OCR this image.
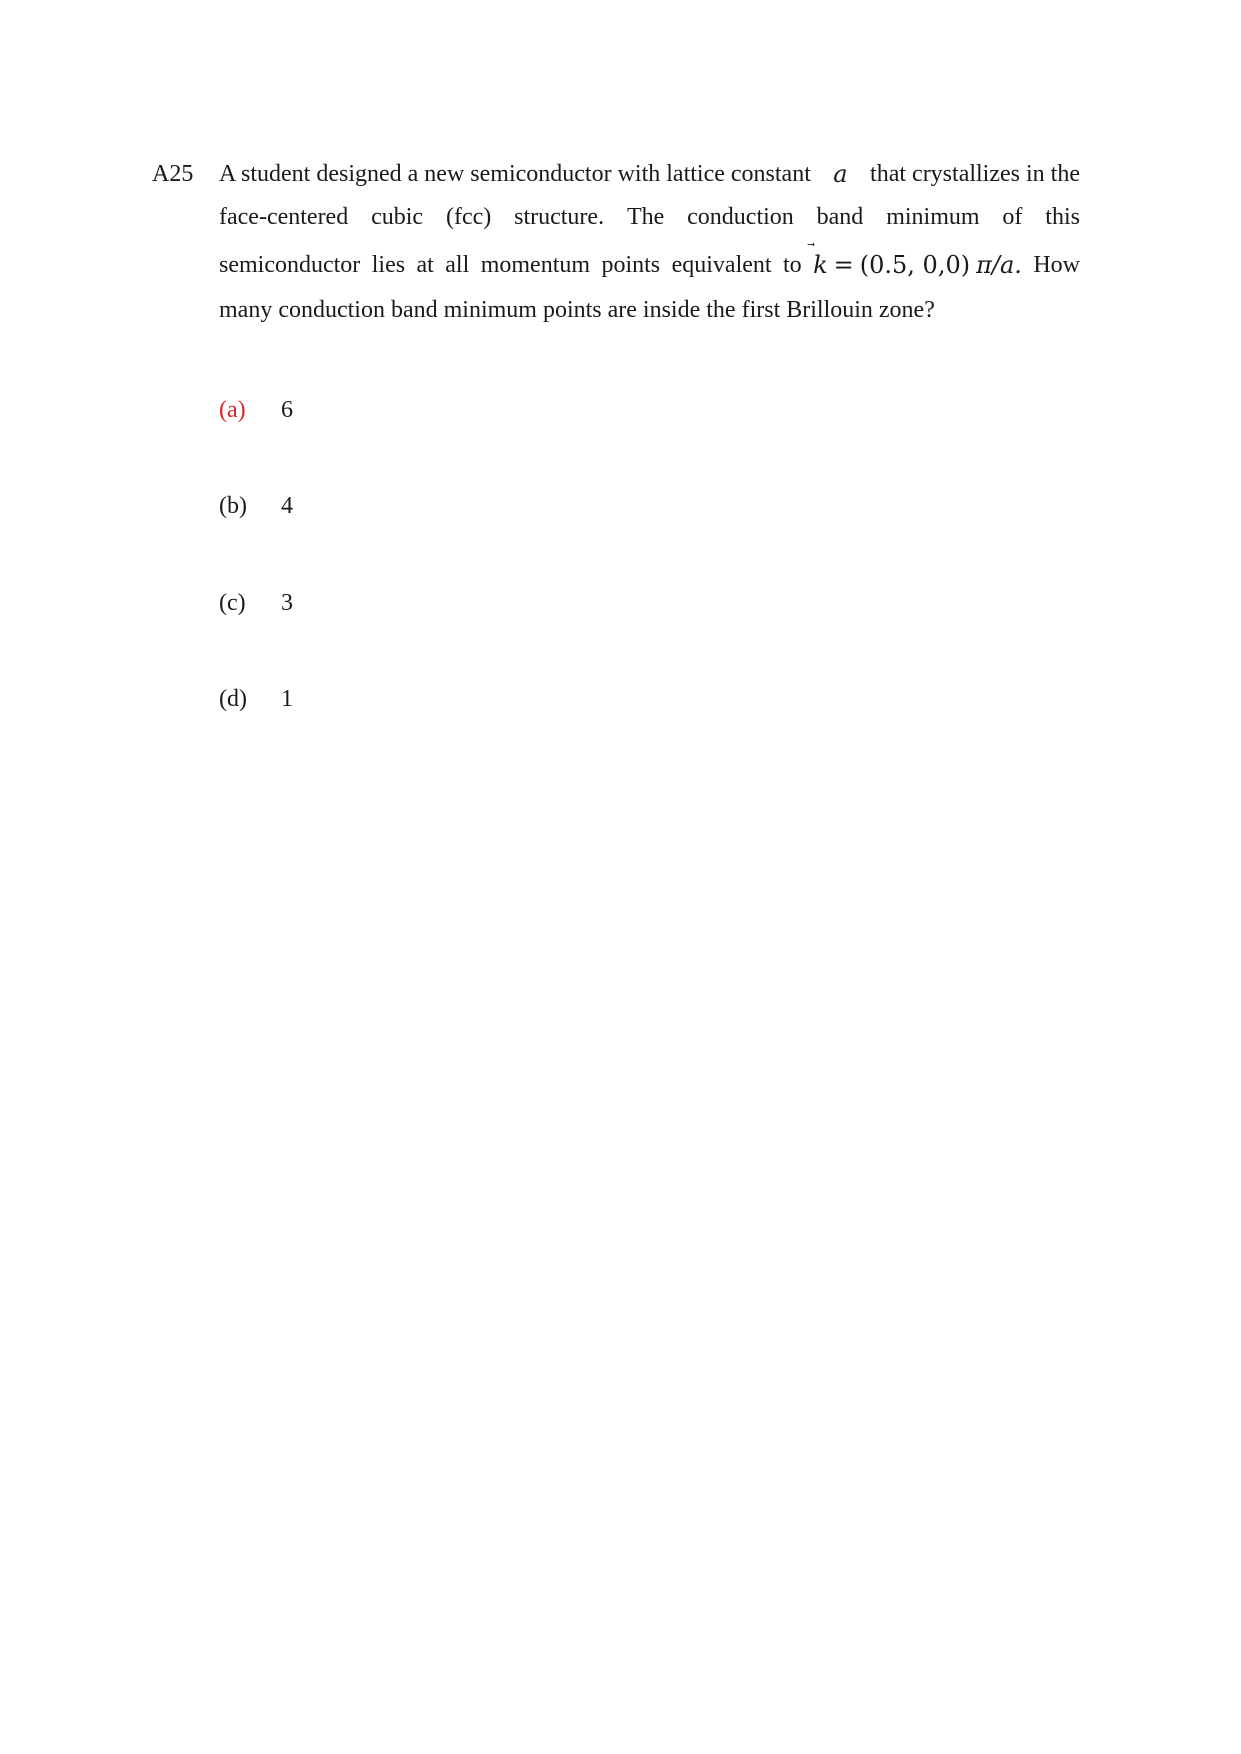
A25 A student designed a new semiconductor with lattice constant a that crystallizes in the
face-centered cubic (fcc) structure. The conduction band minimum of this
semiconductor lies at all momentum points equivalent to k = (0.5, 0,0) π/a. How
many conduction band minimum points are inside the first Brillouin zone?
(a) 6
(b) 4
(c) 3
(d) 1
